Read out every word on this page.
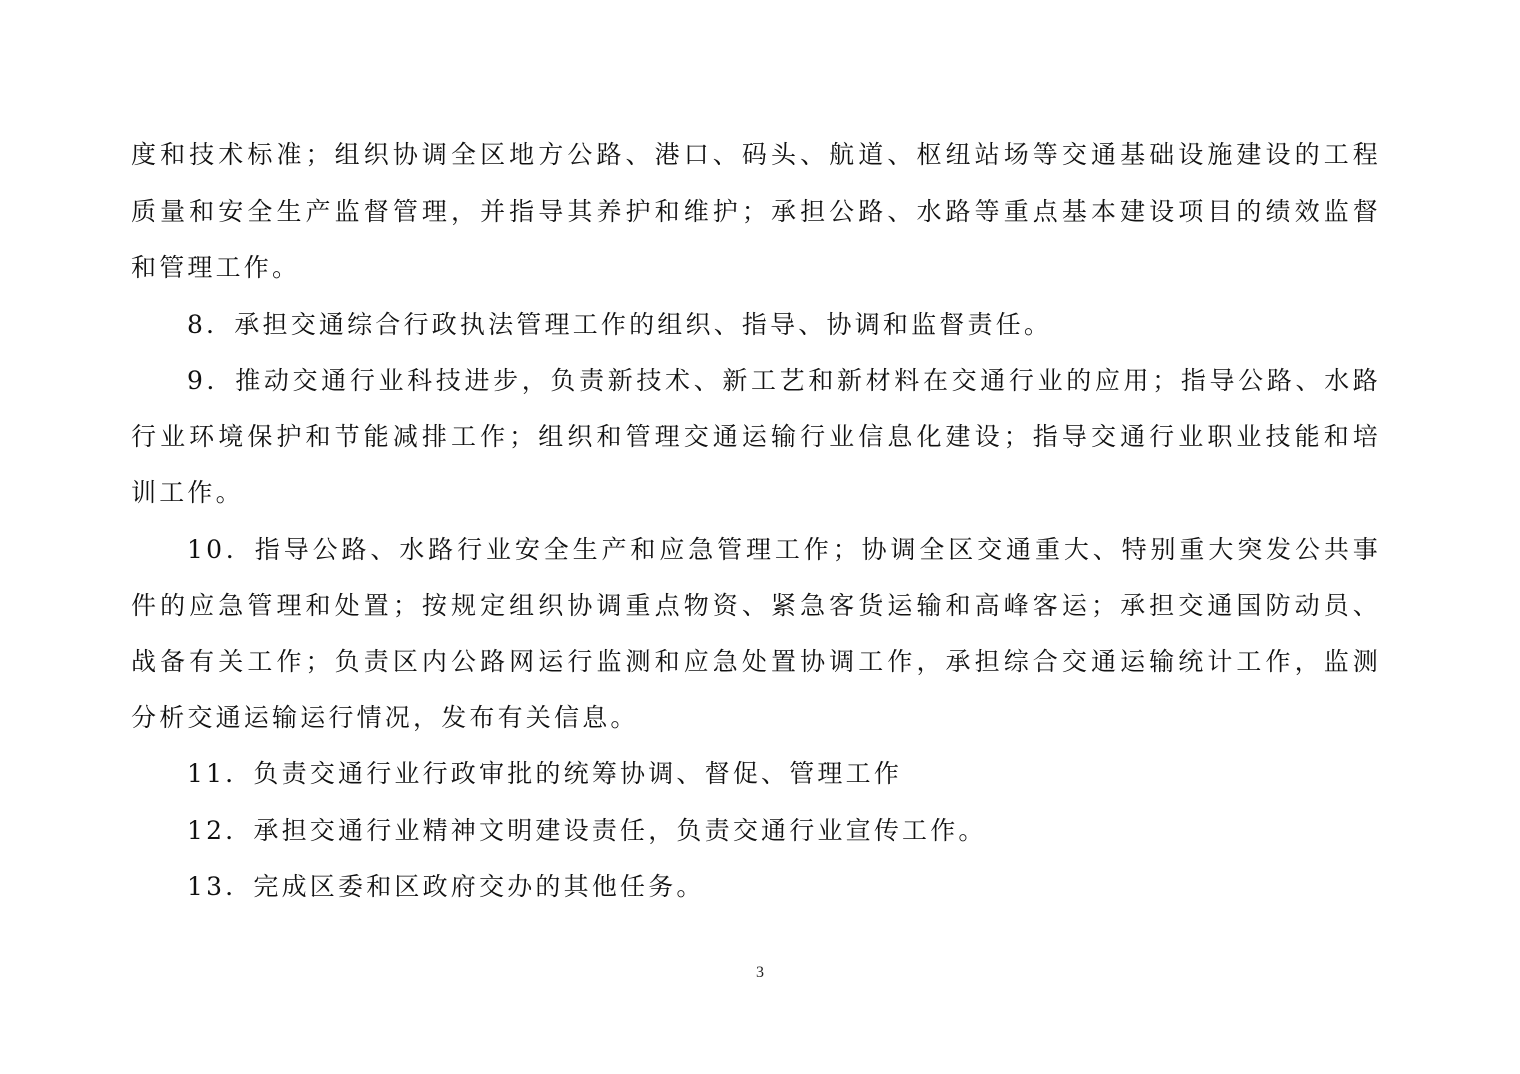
度和技术标准；组织协调全区地方公路、港口、码头、航道、枢纽站场等交通基础设施建设的工程
质量和安全生产监督管理，并指导其养护和维护；承担公路、水路等重点基本建设项目的绩效监督
和管理工作。
8．承担交通综合行政执法管理工作的组织、指导、协调和监督责任。
9．推动交通行业科技进步，负责新技术、新工艺和新材料在交通行业的应用；指导公路、水路
行业环境保护和节能减排工作；组织和管理交通运输行业信息化建设；指导交通行业职业技能和培
训工作。
10．指导公路、水路行业安全生产和应急管理工作；协调全区交通重大、特别重大突发公共事
件的应急管理和处置；按规定组织协调重点物资、紧急客货运输和高峰客运；承担交通国防动员、
战备有关工作；负责区内公路网运行监测和应急处置协调工作，承担综合交通运输统计工作，监测
分析交通运输运行情况，发布有关信息。
11．负责交通行业行政审批的统筹协调、督促、管理工作
12．承担交通行业精神文明建设责任，负责交通行业宣传工作。
13．完成区委和区政府交办的其他任务。
3
